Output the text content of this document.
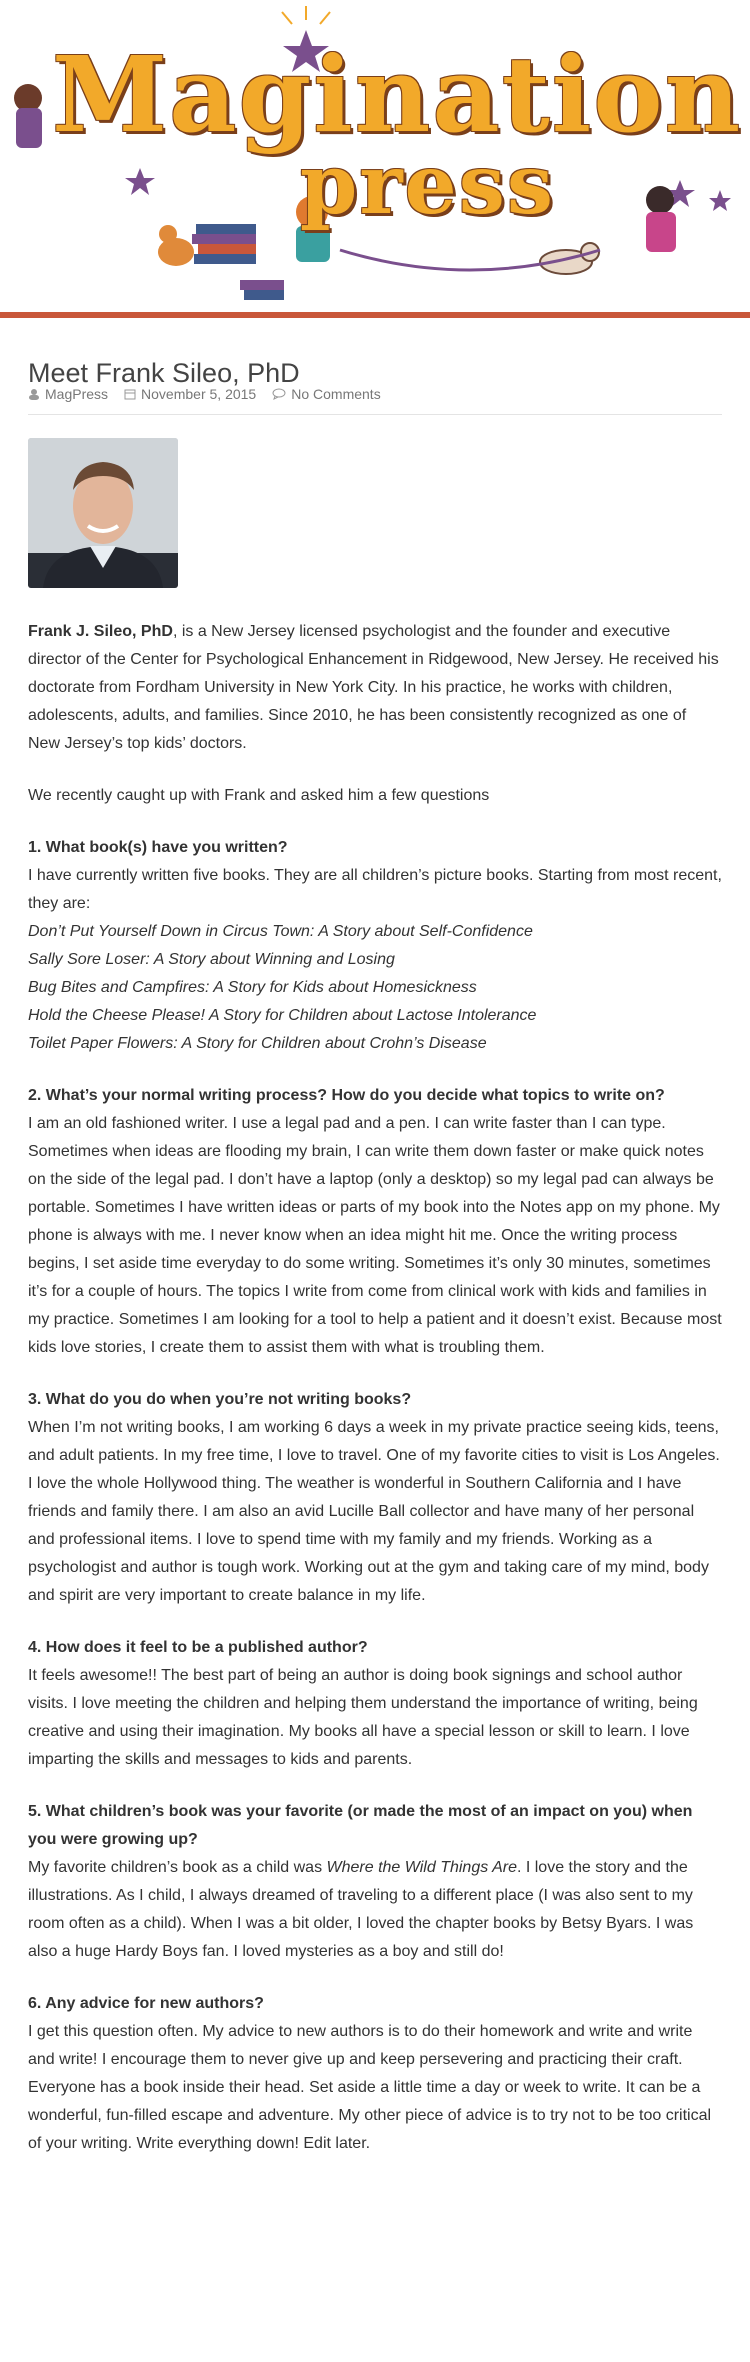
Magination
press
Meet Frank Sileo, PhD
MagPress November 5, 2015	No Comments

Frank J. Sileo, PhD, is a New Jersey licensed psychologist and the founder and executive director of the Center for Psychological Enhancement in Ridgewood, New Jersey. He received his doctorate from Fordham University in New York City. In his practice, he works with children, adolescents, adults, and families. Since 2010, he has been consistently recognized as one of New Jersey’s top kids’ doctors.

We recently caught up with Frank and asked him a few questions

1. What book(s) have you written?

I have currently written five books. They are all children’s picture books. Starting from most recent, they are:

Don’t Put Yourself Down in Circus Town: A Story about Self-Confidence
Sally Sore Loser: A Story about Winning and Losing
Bug Bites and Campfires: A Story for Kids about Homesickness
Hold the Cheese Please! A Story for Children about Lactose Intolerance
Toilet Paper Flowers: A Story for Children about Crohn’s Disease

2. What’s your normal writing process? How do you decide what topics to write on?

I am an old fashioned writer. I use a legal pad and a pen. I can write faster than I can type. Sometimes when ideas are flooding my brain, I can write them down faster or make quick notes on the side of the legal pad. I don’t have a laptop (only a desktop) so my legal pad can always be portable. Sometimes I have written ideas or parts of my book into the Notes app on my phone. My phone is always with me. I never know when an idea might hit me. Once the writing process begins, I set aside time everyday to do some writing. Sometimes it’s only 30 minutes, sometimes it’s for a couple of hours. The topics I write from come from clinical work with kids and families in my practice. Sometimes I am looking for a tool to help a patient and it doesn’t exist. Because most kids love stories, I create them to assist them with what is troubling them.

3. What do you do when you’re not writing books?

When I’m not writing books, I am working 6 days a week in my private practice seeing kids, teens, and adult patients. In my free time, I love to travel. One of my favorite cities to visit is Los Angeles. I love the whole Hollywood thing. The weather is wonderful in Southern California and I have friends and family there. I am also an avid Lucille Ball collector and have many of her personal and professional items. I love to spend time with my family and my friends. Working as a psychologist and author is tough work. Working out at the gym and taking care of my mind, body and spirit are very important to create balance in my life.

4. How does it feel to be a published author?

It feels awesome!! The best part of being an author is doing book signings and school author visits. I love meeting the children and helping them understand the importance of writing, being creative and using their imagination. My books all have a special lesson or skill to learn. I love imparting the skills and messages to kids and parents.

5. What children’s book was your favorite (or made the most of an impact on you) when you were growing up?

My favorite children’s book as a child was Where the Wild Things Are. I love the story and the illustrations. As I child, I always dreamed of traveling to a different place (I was also sent to my room often as a child). When I was a bit older, I loved the chapter books by Betsy Byars. I was also a huge Hardy Boys fan. I loved mysteries as a boy and still do!

6. Any advice for new authors?

I get this question often. My advice to new authors is to do their homework and write and write and write! I encourage them to never give up and keep persevering and practicing their craft. Everyone has a book inside their head. Set aside a little time a day or week to write. It can be a wonderful, fun-filled escape and adventure. My other piece of advice is to try not to be too critical of your writing. Write everything down! Edit later.
